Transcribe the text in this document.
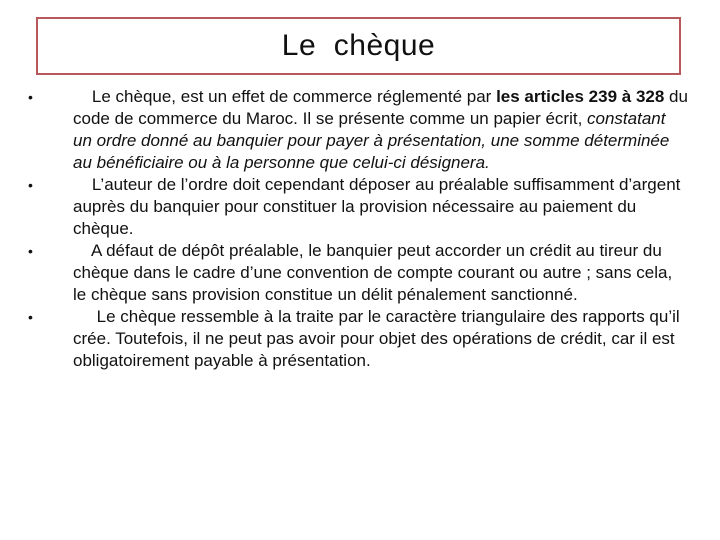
Le  chèque
•	Le chèque, est un effet de commerce réglementé par les articles 239 à 328 du code de commerce du Maroc. Il se présente comme un papier écrit, constatant un ordre donné au banquier pour payer à présentation, une somme déterminée au bénéficiaire ou à la personne que celui-ci désignera.
•	L’auteur de l’ordre doit cependant déposer au préalable suffisamment d’argent auprès du banquier pour constituer la provision nécessaire au paiement du chèque.
•	A défaut de dépôt préalable, le banquier peut accorder un crédit au tireur du chèque dans le cadre d’une convention de compte courant ou autre ; sans cela, le chèque sans provision constitue un délit pénalement sanctionné.
•	Le chèque ressemble à la traite par le caractère triangulaire des rapports qu’il crée. Toutefois, il ne peut pas avoir pour objet des opérations de crédit, car il est obligatoirement payable à présentation.
